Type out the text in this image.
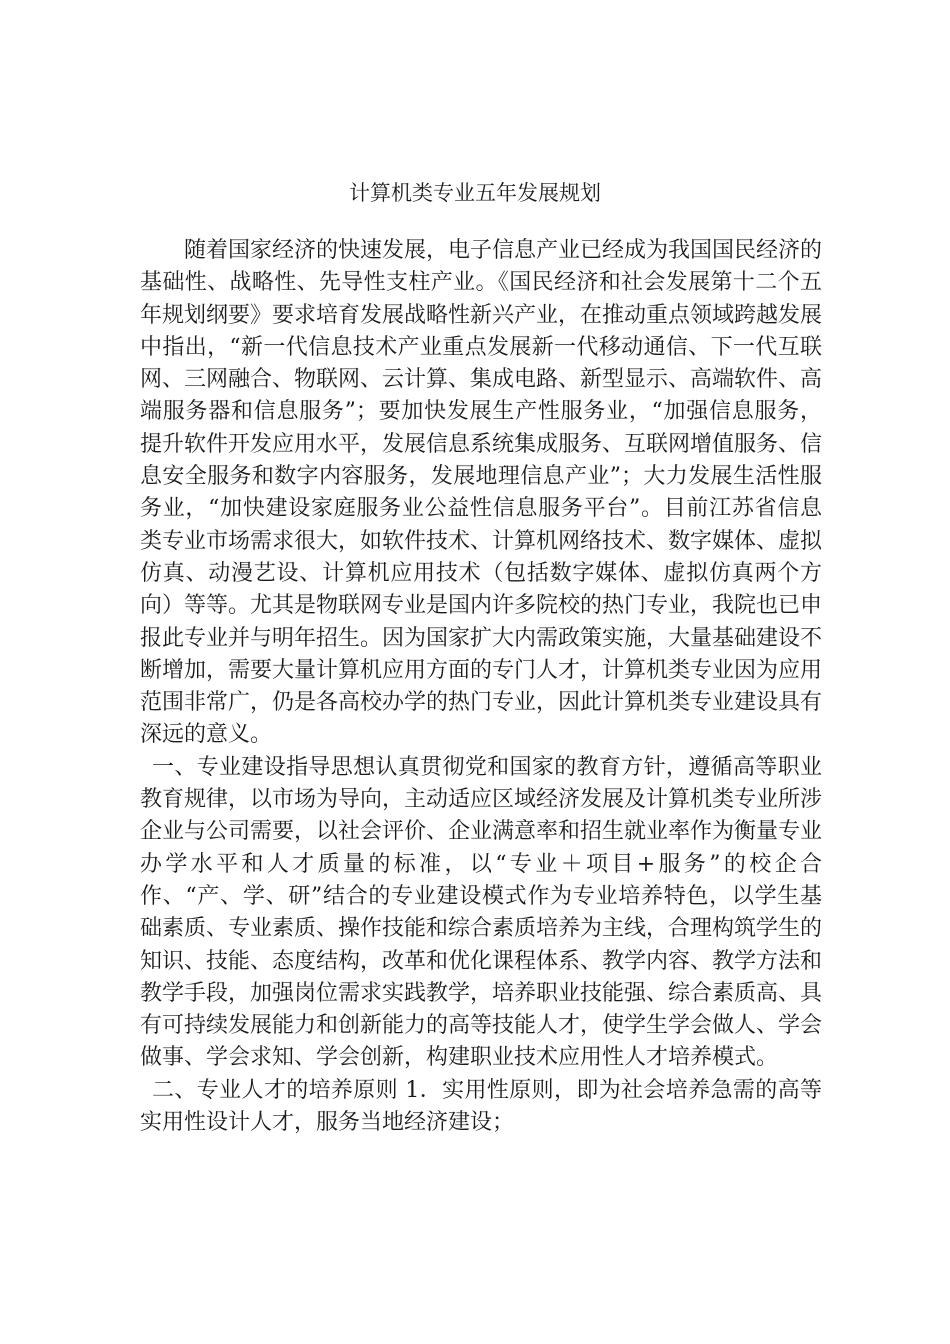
计算机类专业五年发展规划

随着国家经济的快速发展，电子信息产业已经成为我国国民经济的基础性、战略性、先导性支柱产业。《国民经济和社会发展第十二个五年规划纲要》要求培育发展战略性新兴产业，在推动重点领域跨越发展中指出，“新一代信息技术产业重点发展新一代移动通信、下一代互联网、三网融合、物联网、云计算、集成电路、新型显示、高端软件、高端服务器和信息服务”；要加快发展生产性服务业，“加强信息服务，提升软件开发应用水平，发展信息系统集成服务、互联网增值服务、信息安全服务和数字内容服务，发展地理信息产业”；大力发展生活性服务业，“加快建设家庭服务业公益性信息服务平台”。目前江苏省信息类专业市场需求很大，如软件技术、计算机网络技术、数字媒体、虚拟仿真、动漫艺设、计算机应用技术（包括数字媒体、虚拟仿真两个方向）等等。尤其是物联网专业是国内许多院校的热门专业，我院也已申报此专业并与明年招生。因为国家扩大内需政策实施，大量基础建设不断增加，需要大量计算机应用方面的专门人才，计算机类专业因为应用范围非常广，仍是各高校办学的热门专业，因此计算机类专业建设具有深远的意义。

一、专业建设指导思想认真贯彻党和国家的教育方针，遵循高等职业教育规律，以市场为导向，主动适应区域经济发展及计算机类专业所涉企业与公司需要，以社会评价、企业满意率和招生就业率作为衡量专业办学水平和人才质量的标准，以“专业＋项目+服务”的校企合作、“产、学、研”结合的专业建设模式作为专业培养特色，以学生基础素质、专业素质、操作技能和综合素质培养为主线，合理构筑学生的知识、技能、态度结构，改革和优化课程体系、教学内容、教学方法和教学手段，加强岗位需求实践教学，培养职业技能强、综合素质高、具有可持续发展能力和创新能力的高等技能人才，使学生学会做人、学会做事、学会求知、学会创新，构建职业技术应用性人才培养模式。

二、专业人才的培养原则 1．实用性原则，即为社会培养急需的高等实用性设计人才，服务当地经济建设；
